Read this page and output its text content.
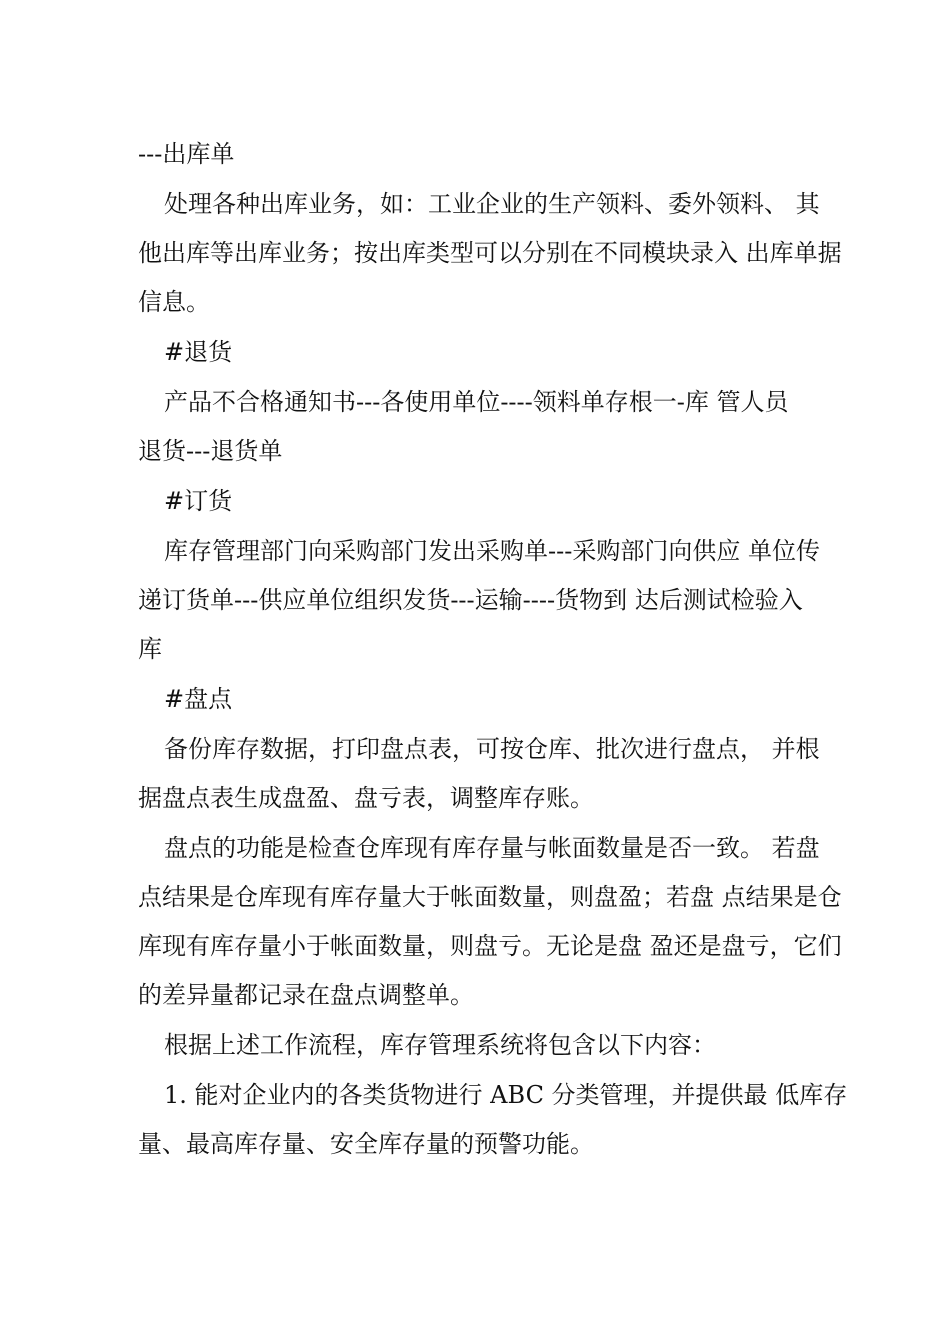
---出库单

处理各种出库业务，如：工业企业的生产领料、委外领料、 其
他出库等出库业务；按出库类型可以分别在不同模块录入 出库单据
信息。

#退货

产品不合格通知书---各使用单位----领料单存根一-库 管人员
退货---退货单

#订货

库存管理部门向采购部门发出采购单---采购部门向供应 单位传
递订货单---供应单位组织发货---运输----货物到 达后测试检验入
库

#盘点

备份库存数据，打印盘点表，可按仓库、批次进行盘点， 并根
据盘点表生成盘盈、盘亏表，调整库存账。

盘点的功能是检查仓库现有库存量与帐面数量是否一致。 若盘
点结果是仓库现有库存量大于帐面数量，则盘盈；若盘 点结果是仓
库现有库存量小于帐面数量，则盘亏。无论是盘 盈还是盘亏，它们
的差异量都记录在盘点调整单。

根据上述工作流程，库存管理系统将包含以下内容：

1. 能对企业内的各类货物进行 ABC 分类管理，并提供最 低库存
量、最高库存量、安全库存量的预警功能。
